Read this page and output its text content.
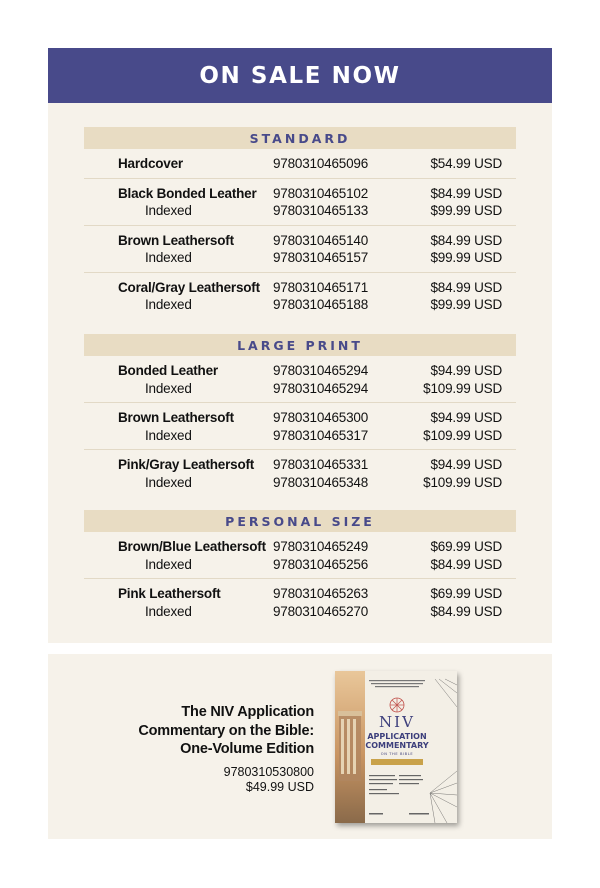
ON SALE NOW
STANDARD
Hardcover	9780310465096	$54.99 USD
Black Bonded Leather	9780310465102	$84.99 USD
Indexed	9780310465133	$99.99 USD
Brown Leathersoft	9780310465140	$84.99 USD
Indexed	9780310465157	$99.99 USD
Coral/Gray Leathersoft 9780310465171	$84.99 USD
Indexed	9780310465188	$99.99 USD
LARGE PRINT
Bonded Leather	9780310465294	$94.99 USD
Indexed	9780310465294	$109.99 USD
Brown Leathersoft	9780310465300	$94.99 USD
Indexed	9780310465317	$109.99 USD
Pink/Gray Leathersoft	9780310465331	$94.99 USD
Indexed	9780310465348	$109.99 USD
PERSONAL SIZE
Brown/Blue Leathersoft 9780310465249	$69.99 USD
Indexed	9780310465256	$84.99 USD
Pink Leathersoft	9780310465263	$69.99 USD
Indexed	9780310465270	$84.99 USD
The NIV Application
Commentary on the Bible:
One-Volume Edition
9780310530800
$49.99 USD
NIV
APPLICATION
COMMENTARY
ON THE BIBLE
